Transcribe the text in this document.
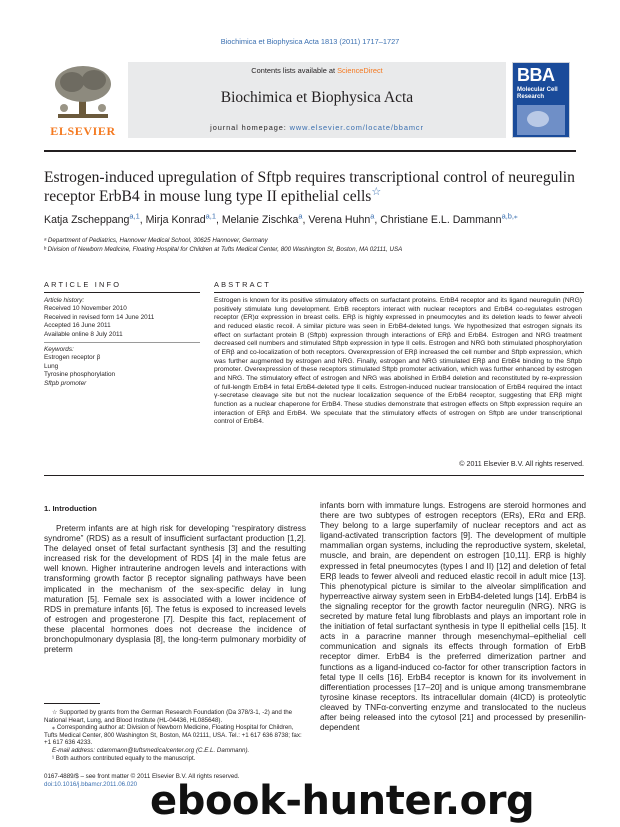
Biochimica et Biophysica Acta 1813 (2011) 1717–1727
ELSEVIER
Contents lists available at ScienceDirect
Biochimica et Biophysica Acta
journal homepage: www.elsevier.com/locate/bbamcr
BBA
Molecular Cell Research
Estrogen-induced upregulation of Sftpb requires transcriptional control of neuregulin receptor ErbB4 in mouse lung type II epithelial cells☆
Katja Zscheppang$^{a,1}$, Mirja Konrad$^{a,1}$, Melanie Zischka$^a$, Verena Huhn$^a$, Christiane E.L. Dammann$^{a,b,⁎}$
ᵃ Department of Pediatrics, Hannover Medical School, 30625 Hannover, Germany
ᵇ Division of Newborn Medicine, Floating Hospital for Children at Tufts Medical Center, 800 Washington St, Boston, MA 02111, USA
ARTICLE INFO
Article history:
Received 10 November 2010
Received in revised form 14 June 2011
Accepted 16 June 2011
Available online 8 July 2011
Keywords:
Estrogen receptor β
Lung
Tyrosine phosphorylation
Sftpb promoter
ABSTRACT
Estrogen is known for its positive stimulatory effects on surfactant proteins. ErbB4 receptor and its ligand neuregulin (NRG) positively stimulate lung development. ErbB receptors interact with nuclear receptors and ErbB4 co-regulates estrogen receptor (ER)α expression in breast cells. ERβ is highly expressed in pneumocytes and its deletion leads to fewer alveoli and reduced elastic recoil. A similar picture was seen in ErbB4-deleted lungs. We hypothesized that estrogen signals its effect on surfactant protein B (Sftpb) expression through interactions of ERβ and ErbB4. Estrogen and NRG treatment decreased cell numbers and stimulated Sftpb expression in type II cells. Estrogen and NRG both stimulated phosphorylation of ERβ and co-localization of both receptors. Overexpression of ERβ increased the cell number and Sftpb expression, which was further augmented by estrogen and NRG. Finally, estrogen and NRG stimulated ERβ and ErbB4 binding to the Sftpb promoter. Overexpression of these receptors stimulated Sftpb promoter activation, which was further enhanced by estrogen and NRG. The stimulatory effect of estrogen and NRG was abolished in ErbB4 deletion and reconstituted by re-expression of full-length ErbB4 in fetal ErbB4-deleted type II cells. Estrogen-induced nuclear translocation of ErbB4 required the intact γ-secretase cleavage site but not the nuclear localization sequence of the ErbB4 receptor, suggesting that ERβ might function as a nuclear chaperone for ErbB4. These studies demonstrate that estrogen effects on Sftpb expression require an interaction of ERβ and ErbB4. We speculate that the stimulatory effects of estrogen on Sftpb are under transcriptional control of ErbB4.
© 2011 Elsevier B.V. All rights reserved.
1. Introduction
Preterm infants are at high risk for developing “respiratory distress syndrome” (RDS) as a result of insufficient surfactant production [1,2]. The delayed onset of fetal surfactant synthesis [3] and the resulting increased risk for the development of RDS [4] in the male fetus are well known. Higher intrauterine androgen levels and interactions with transforming growth factor β receptor signaling pathways have been implicated in the mechanism of the sex-specific delay in lung maturation [5]. Female sex is associated with a lower incidence of RDS in premature infants [6]. The fetus is exposed to increased levels of estrogen and progesterone [7]. Despite this fact, replacement of these placental hormones does not decrease the incidence of bronchopulmonary dysplasia [8], the long-term pulmonary morbidity of preterm
infants born with immature lungs. Estrogens are steroid hormones and there are two subtypes of estrogen receptors (ERs), ERα and ERβ. They belong to a large superfamily of nuclear receptors and act as ligand-activated transcription factors [9]. The development of multiple mammalian organ systems, including the reproductive system, skeletal, muscle, and brain, are dependent on estrogen [10,11]. ERβ is highly expressed in fetal pneumocytes (types I and II) [12] and deletion of fetal ERβ leads to fewer alveoli and reduced elastic recoil in adult mice [13]. This phenotypical picture is similar to the alveolar simplification and hyperreactive airway system seen in ErbB4-deleted lungs [14]. ErbB4 is the signaling receptor for the growth factor neuregulin (NRG). NRG is secreted by mature fetal lung fibroblasts and plays an important role in the initiation of fetal surfactant synthesis in type II epithelial cells [15]. It acts in a paracrine manner through mesenchymal–epithelial cell communication and signals its effects through formation of ErbB receptor dimer. ErbB4 is the preferred dimerization partner and functions as a ligand-induced co-factor for other transcription factors in fetal type II cells [16]. ErbB4 receptor is known for its involvement in differentiation processes [17–20] and is unique among transmembrane tyrosine kinase receptors. Its intracellular domain (4ICD) is proteolytic cleaved by TNFα-converting enzyme and translocated to the nucleus after being released into the cytosol [21] and processed by presenilin-dependent
☆ Supported by grants from the German Research Foundation (Da 378/3-1, -2) and the National Heart, Lung, and Blood Institute (HL-04436, HL085648).
⁎ Corresponding author at: Division of Newborn Medicine, Floating Hospital for Children, Tufts Medical Center, 800 Washington St, Boston, MA 02111, USA. Tel.: +1 617 636 8738; fax: +1 617 636 4233.
E-mail address: cdammann@tuftsmedicalcenter.org (C.E.L. Dammann).
¹ Both authors contributed equally to the manuscript.
0167-4889/$ – see front matter © 2011 Elsevier B.V. All rights reserved.
doi:10.1016/j.bbamcr.2011.06.020 ebook-hunter.org
